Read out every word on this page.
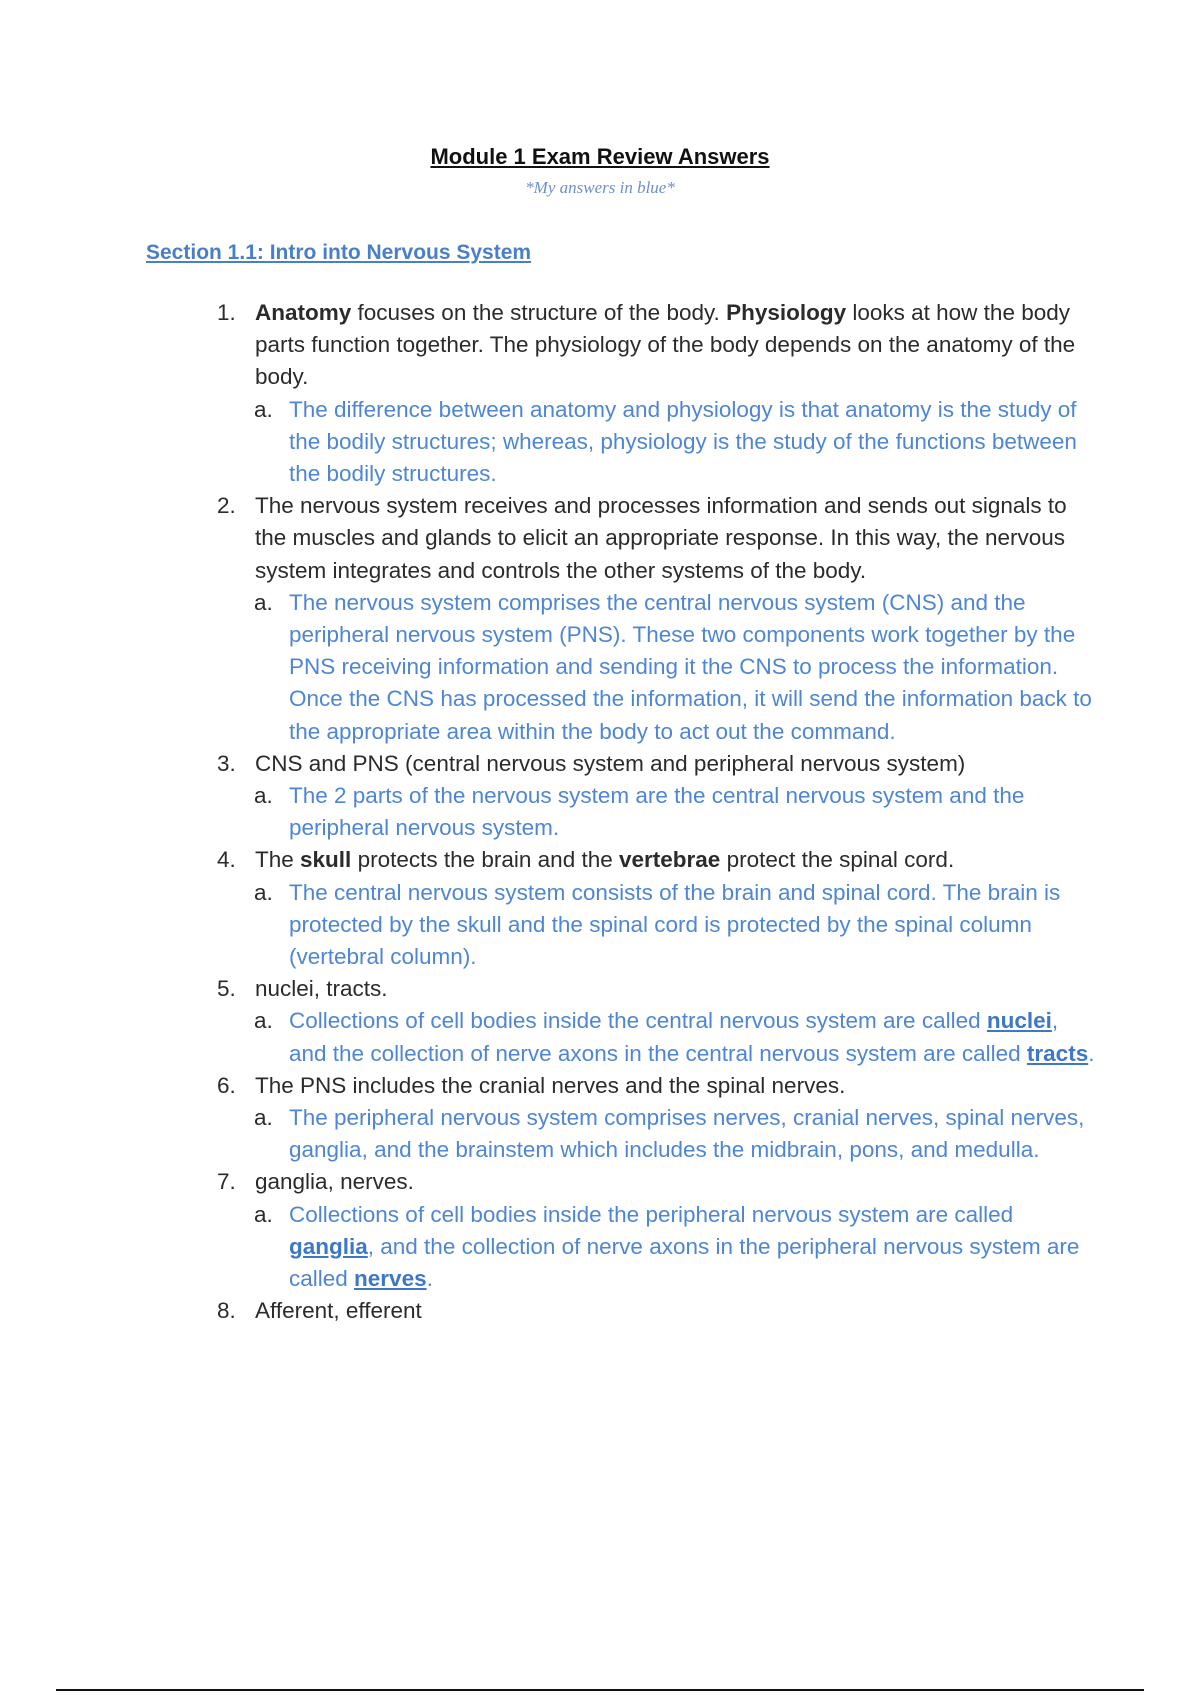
Module 1 Exam Review Answers
*My answers in blue*
Section 1.1: Intro into Nervous System
1. Anatomy focuses on the structure of the body. Physiology looks at how the body parts function together. The physiology of the body depends on the anatomy of the body.
a. The difference between anatomy and physiology is that anatomy is the study of the bodily structures; whereas, physiology is the study of the functions between the bodily structures.
2. The nervous system receives and processes information and sends out signals to the muscles and glands to elicit an appropriate response. In this way, the nervous system integrates and controls the other systems of the body.
a. The nervous system comprises the central nervous system (CNS) and the peripheral nervous system (PNS). These two components work together by the PNS receiving information and sending it the CNS to process the information. Once the CNS has processed the information, it will send the information back to the appropriate area within the body to act out the command.
3. CNS and PNS (central nervous system and peripheral nervous system)
a. The 2 parts of the nervous system are the central nervous system and the peripheral nervous system.
4. The skull protects the brain and the vertebrae protect the spinal cord.
a. The central nervous system consists of the brain and spinal cord. The brain is protected by the skull and the spinal cord is protected by the spinal column (vertebral column).
5. nuclei, tracts.
a. Collections of cell bodies inside the central nervous system are called nuclei, and the collection of nerve axons in the central nervous system are called tracts.
6. The PNS includes the cranial nerves and the spinal nerves.
a. The peripheral nervous system comprises nerves, cranial nerves, spinal nerves, ganglia, and the brainstem which includes the midbrain, pons, and medulla.
7. ganglia, nerves.
a. Collections of cell bodies inside the peripheral nervous system are called ganglia, and the collection of nerve axons in the peripheral nervous system are called nerves.
8. Afferent, efferent
